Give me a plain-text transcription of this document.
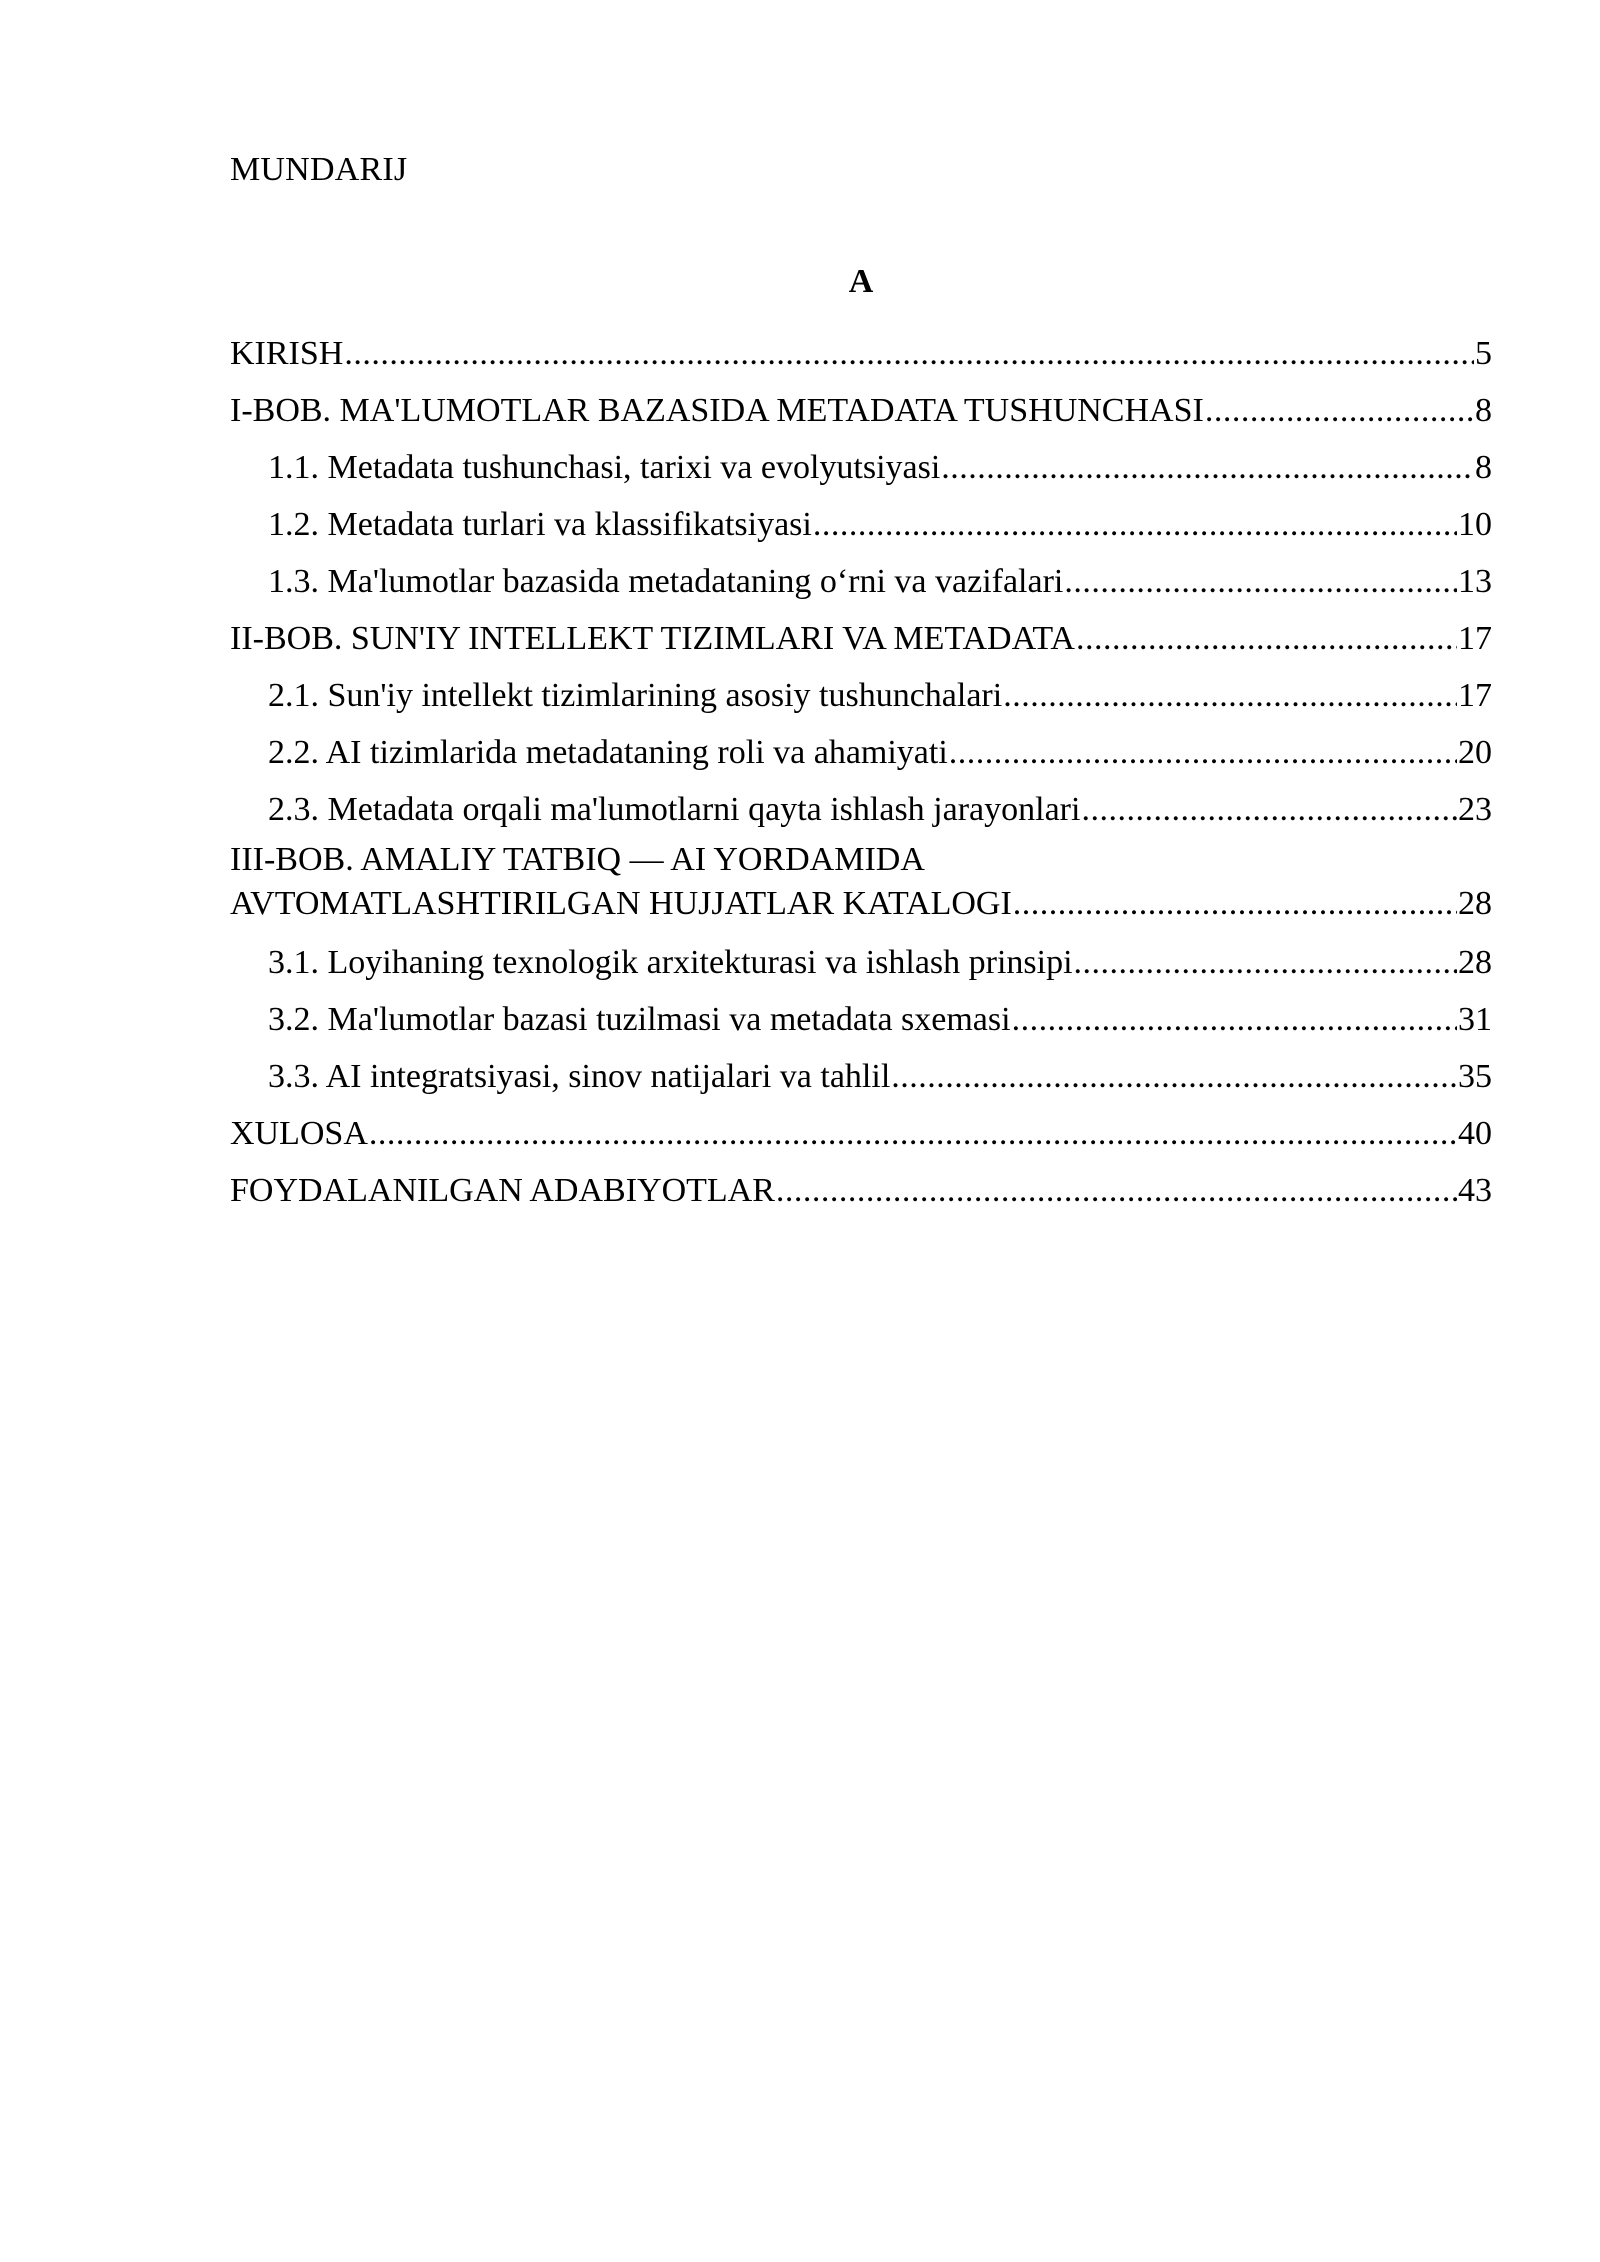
MUNDARIJ
A
KIRISH .....	5
I-BOB. MA'LUMOTLAR BAZASIDA METADATA TUSHUNCHASI .....	8
1.1. Metadata tushunchasi, tarixi va evolyutsiyasi .....	8
1.2. Metadata turlari va klassifikatsiyasi .....	10
1.3. Ma'lumotlar bazasida metadataning o‘rni va vazifalari .....	13
II-BOB. SUN'IY INTELLEKT TIZIMLARI VA METADATA .....	17
2.1. Sun'iy intellekt tizimlarining asosiy tushunchalari .....	17
2.2. AI tizimlarida metadataning roli va ahamiyati .....	20
2.3. Metadata orqali ma'lumotlarni qayta ishlash jarayonlari .....	23
III-BOB. AMALIY TATBIQ — AI YORDAMIDA
AVTOMATLASHTIRILGAN HUJJATLAR KATALOGI .....	28
3.1. Loyihaning texnologik arxitekturasi va ishlash prinsipi .....	28
3.2. Ma'lumotlar bazasi tuzilmasi va metadata sxemasi .....	31
3.3. AI integratsiyasi, sinov natijalari va tahlil .....	35
XULOSA .....	40
FOYDALANILGAN ADABIYOTLAR .....	43
